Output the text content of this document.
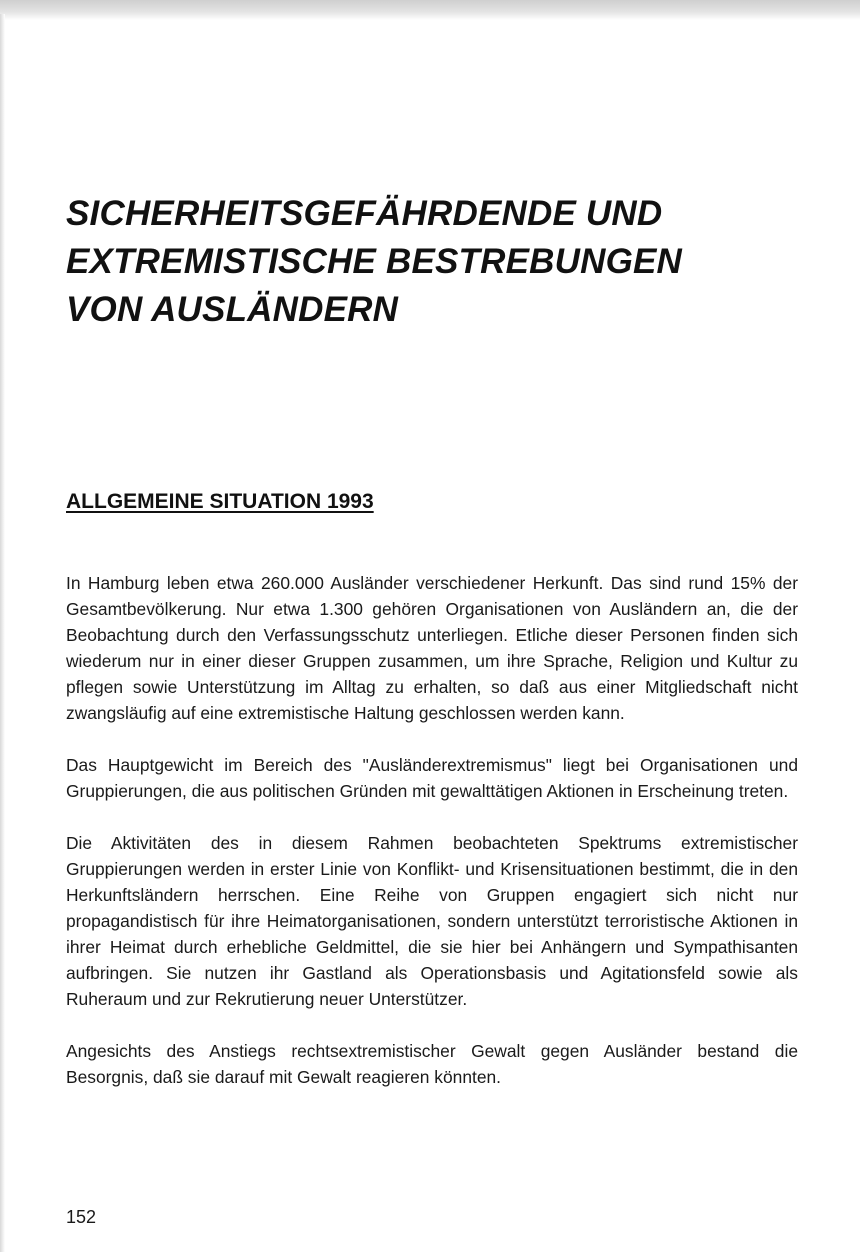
SICHERHEITSGEFÄHRDENDE UND
EXTREMISTISCHE BESTREBUNGEN
VON AUSLÄNDERN
ALLGEMEINE SITUATION 1993

In Hamburg leben etwa 260.000 Ausländer verschiedener Herkunft. Das sind rund 15% der Gesamtbevölkerung. Nur etwa 1.300 gehören Organisationen von Ausländern an, die der Beobachtung durch den Verfassungsschutz unterliegen. Etliche dieser Personen finden sich wiederum nur in einer dieser Gruppen zusammen, um ihre Sprache, Religion und Kultur zu pflegen sowie Unterstützung im Alltag zu erhalten, so daß aus einer Mitgliedschaft nicht zwangsläufig auf eine extremistische Haltung geschlossen werden kann.

Das Hauptgewicht im Bereich des "Ausländerextremismus" liegt bei Organisationen und Gruppierungen, die aus politischen Gründen mit gewalttätigen Aktionen in Erscheinung treten.

Die Aktivitäten des in diesem Rahmen beobachteten Spektrums extremistischer Gruppierungen werden in erster Linie von Konflikt- und Krisensituationen bestimmt, die in den Herkunftsländern herrschen. Eine Reihe von Gruppen engagiert sich nicht nur propagandistisch für ihre Heimatorganisationen, sondern unterstützt terroristische Aktionen in ihrer Heimat durch erhebliche Geldmittel, die sie hier bei Anhängern und Sympathisanten aufbringen. Sie nutzen ihr Gastland als Operationsbasis und Agitationsfeld sowie als Ruheraum und zur Rekrutierung neuer Unterstützer.

Angesichts des Anstiegs rechtsextremistischer Gewalt gegen Ausländer bestand die Besorgnis, daß sie darauf mit Gewalt reagieren könnten.

152
